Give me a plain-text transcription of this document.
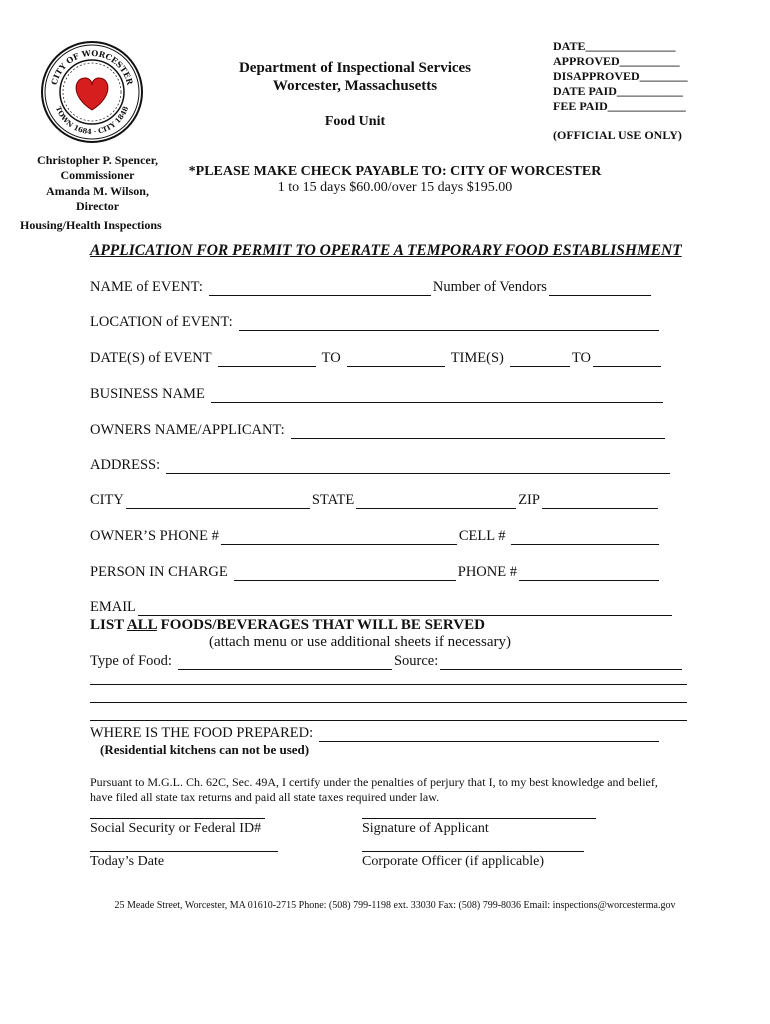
CITY OF WORCESTER
TOWN 1684 · CITY 1848
Department of Inspectional Services
Worcester, Massachusetts
Food Unit
DATE_______________
APPROVED__________
DISAPPROVED________
DATE PAID___________
FEE PAID_____________
(OFFICIAL USE ONLY)
Christopher P. Spencer,
Commissioner
Amanda M. Wilson,
Director
Housing/Health Inspections
*PLEASE MAKE CHECK PAYABLE TO: CITY OF WORCESTER
1 to 15 days $60.00/over 15 days $195.00
APPLICATION FOR PERMIT TO OPERATE A TEMPORARY FOOD ESTABLISHMENT
NAME of EVENT:	Number of Vendors
LOCATION of EVENT:
DATE(S) of EVENT	TO	TIME(S)	TO
BUSINESS NAME
OWNERS NAME/APPLICANT:
ADDRESS:
CITY	STATE	ZIP
OWNER’S PHONE #	CELL #
PERSON IN CHARGE	PHONE #
EMAIL
LIST ALL FOODS/BEVERAGES THAT WILL BE SERVED
(attach menu or use additional sheets if necessary)
Type of Food:	Source:
WHERE IS THE FOOD PREPARED:
(Residential kitchens can not be used)
Pursuant to M.G.L. Ch. 62C, Sec. 49A, I certify under the penalties of perjury that I, to my best knowledge and belief,
have filed all state tax returns and paid all state taxes required under law.
Social Security or Federal ID#	Signature of Applicant
Today’s Date	Corporate Officer (if applicable)
25 Meade Street, Worcester, MA 01610-2715 Phone: (508) 799-1198 ext. 33030 Fax: (508) 799-8036 Email: inspections@worcesterma.gov
